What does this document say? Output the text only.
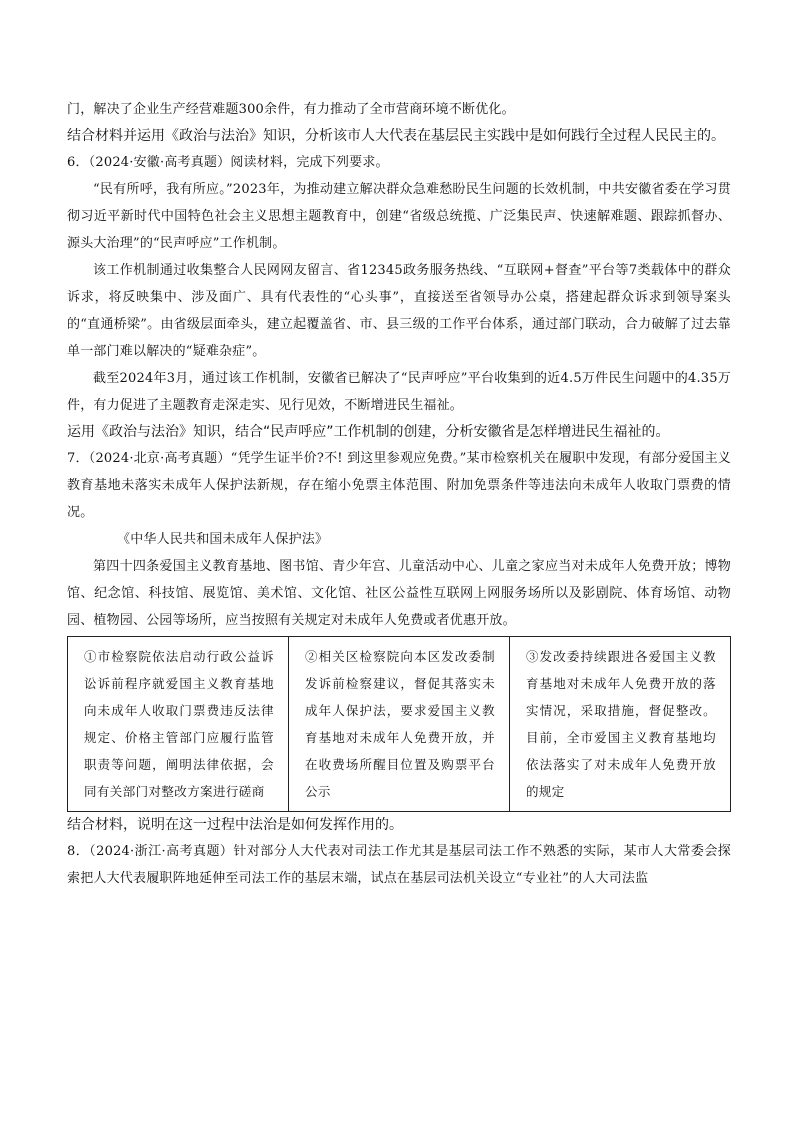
门，解决了企业生产经营难题300余件，有力推动了全市营商环境不断优化。

结合材料并运用《政治与法治》知识，分析该市人大代表在基层民主实践中是如何践行全过程人民民主的。

6．（2024·安徽·高考真题）阅读材料，完成下列要求。

“民有所呼，我有所应。”2023年，为推动建立解决群众急难愁盼民生问题的长效机制，中共安徽省委在学习贯彻习近平新时代中国特色社会主义思想主题教育中，创建“省级总统揽、广泛集民声、快速解难题、跟踪抓督办、源头大治理”的“民声呼应”工作机制。

该工作机制通过收集整合人民网网友留言、省12345政务服务热线、“互联网+督查”平台等7类载体中的群众诉求，将反映集中、涉及面广、具有代表性的“心头事”，直接送至省领导办公桌，搭建起群众诉求到领导案头的“直通桥梁”。由省级层面牵头，建立起覆盖省、市、县三级的工作平台体系，通过部门联动，合力破解了过去靠单一部门难以解决的“疑难杂症”。

截至2024年3月，通过该工作机制，安徽省已解决了“民声呼应”平台收集到的近4.5万件民生问题中的4.35万件，有力促进了主题教育走深走实、见行见效，不断增进民生福祉。

运用《政治与法治》知识，结合“民声呼应”工作机制的创建，分析安徽省是怎样增进民生福祉的。

7．（2024·北京·高考真题）“凭学生证半价?不! 到这里参观应免费。”某市检察机关在履职中发现，有部分爱国主义教育基地未落实未成年人保护法新规，存在缩小免票主体范围、附加免票条件等违法向未成年人收取门票费的情况。

《中华人民共和国未成年人保护法》

第四十四条爱国主义教育基地、图书馆、青少年宫、儿童活动中心、儿童之家应当对未成年人免费开放；博物馆、纪念馆、科技馆、展览馆、美术馆、文化馆、社区公益性互联网上网服务场所以及影剧院、体育场馆、动物园、植物园、公园等场所，应当按照有关规定对未成年人免费或者优惠开放。

①市检察院依法启动行政公益诉讼诉前程序就爱国主义教育基地向未成年人收取门票费违反法律规定、价格主管部门应履行监管职责等问题，阐明法律依据，会同有关部门对整改方案进行磋商	②相关区检察院向本区发改委制发诉前检察建议，督促其落实未成年人保护法，要求爱国主义教育基地对未成年人免费开放，并在收费场所醒目位置及购票平台公示	③发改委持续跟进各爱国主义教育基地对未成年人免费开放的落实情况，采取措施，督促整改。目前，全市爱国主义教育基地均依法落实了对未成年人免费开放的规定

结合材料，说明在这一过程中法治是如何发挥作用的。

8．（2024·浙江·高考真题）针对部分人大代表对司法工作尤其是基层司法工作不熟悉的实际，某市人大常委会探索把人大代表履职阵地延伸至司法工作的基层末端，试点在基层司法机关设立“专业社”的人大司法监
